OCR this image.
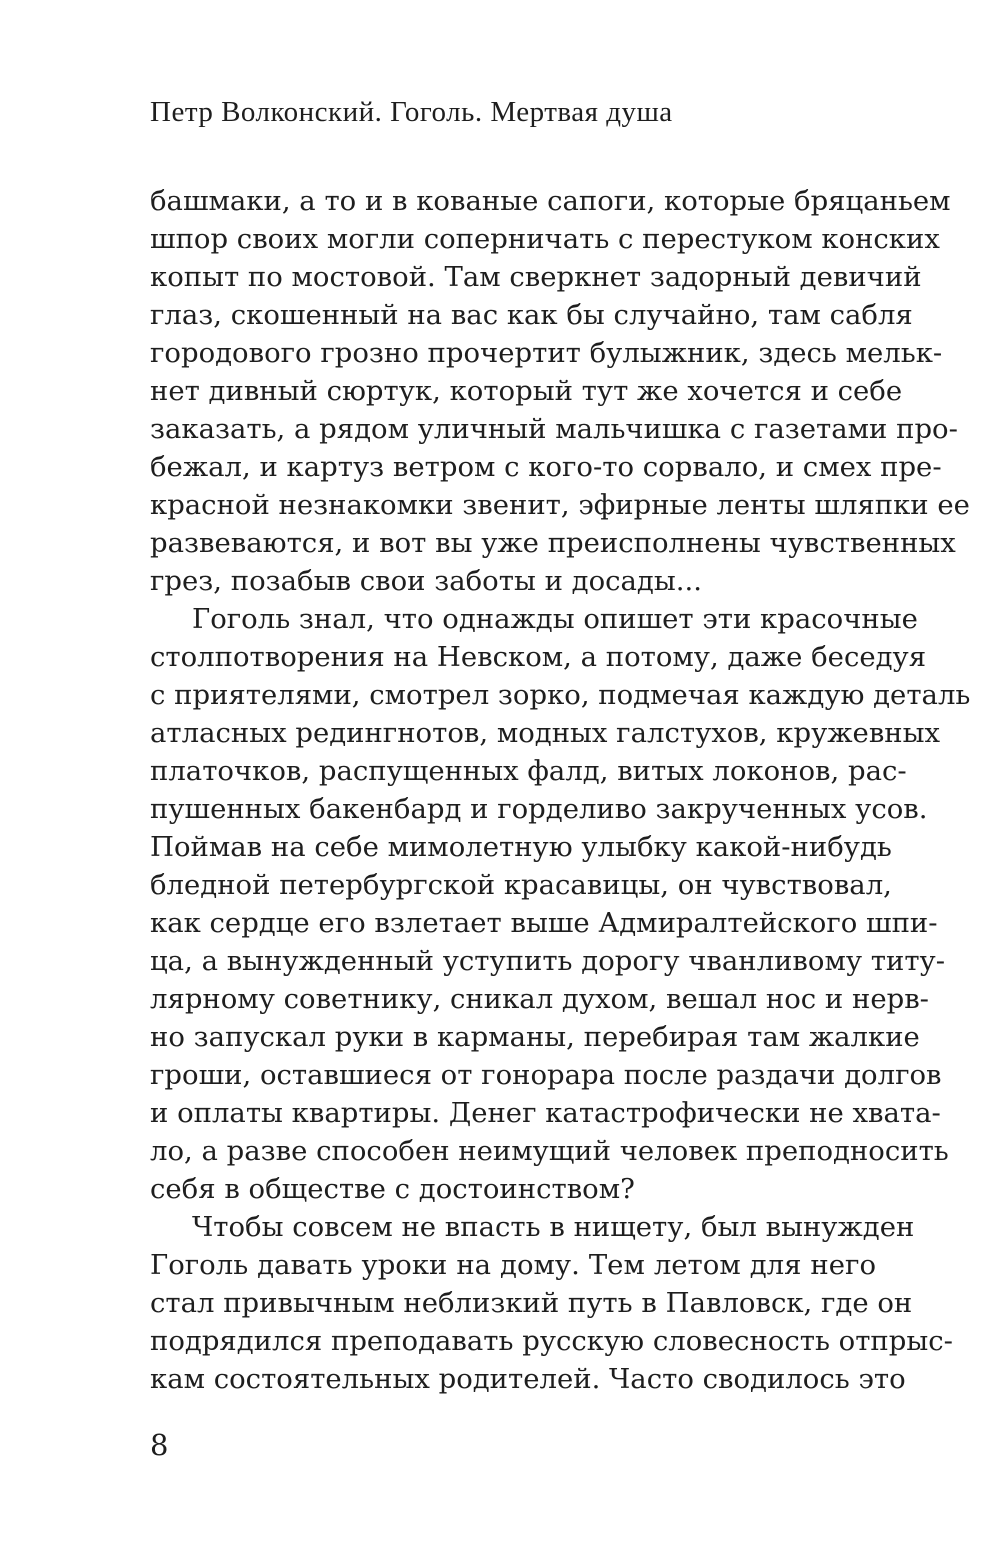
Петр Волконский. Гоголь. Мертвая душа
башмаки, а то и в кованые сапоги, которые бряцаньем
шпор своих могли соперничать с перестуком конских
копыт по мостовой. Там сверкнет задорный девичий
глаз, скошенный на вас как бы случайно, там сабля
городового грозно прочертит булыжник, здесь мельк-
нет дивный сюртук, который тут же хочется и себе
заказать, а рядом уличный мальчишка с газетами про-
бежал, и картуз ветром с кого-то сорвало, и смех пре-
красной незнакомки звенит, эфирные ленты шляпки ее
развеваются, и вот вы уже преисполнены чувственных
грез, позабыв свои заботы и досады...
Гоголь знал, что однажды опишет эти красочные
столпотворения на Невском, а потому, даже беседуя
с приятелями, смотрел зорко, подмечая каждую деталь
атласных редингнотов, модных галстухов, кружевных
платочков, распущенных фалд, витых локонов, рас-
пушенных бакенбард и горделиво закрученных усов.
Поймав на себе мимолетную улыбку какой-нибудь
бледной петербургской красавицы, он чувствовал,
как сердце его взлетает выше Адмиралтейского шпи-
ца, а вынужденный уступить дорогу чванливому титу-
лярному советнику, сникал духом, вешал нос и нерв-
но запускал руки в карманы, перебирая там жалкие
гроши, оставшиеся от гонорара после раздачи долгов
и оплаты квартиры. Денег катастрофически не хвата-
ло, а разве способен неимущий человек преподносить
себя в обществе с достоинством?
Чтобы совсем не впасть в нищету, был вынужден
Гоголь давать уроки на дому. Тем летом для него
стал привычным неблизкий путь в Павловск, где он
подрядился преподавать русскую словесность отпрыс-
кам состоятельных родителей. Часто сводилось это
8
